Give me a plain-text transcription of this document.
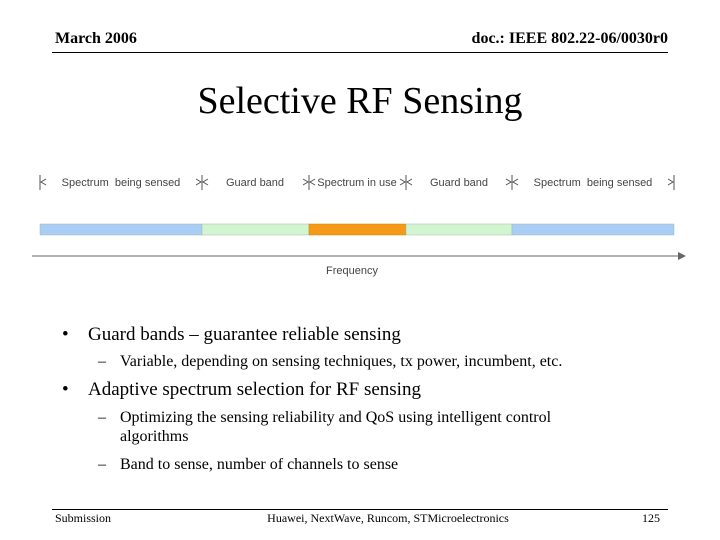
March 2006	doc.: IEEE 802.22-06/0030r0
Selective RF Sensing
Spectrum  being sensed	Guard band	Spectrum in use	Guard band	Spectrum  being sensed
Frequency
• Guard bands – guarantee reliable sensing
– Variable, depending on sensing techniques, tx power, incumbent, etc.
• Adaptive spectrum selection for RF sensing
– Optimizing the sensing reliability and QoS using intelligent control algorithms
– Band to sense, number of channels to sense
Submission	Huawei, NextWave, Runcom, STMicroelectronics	125
